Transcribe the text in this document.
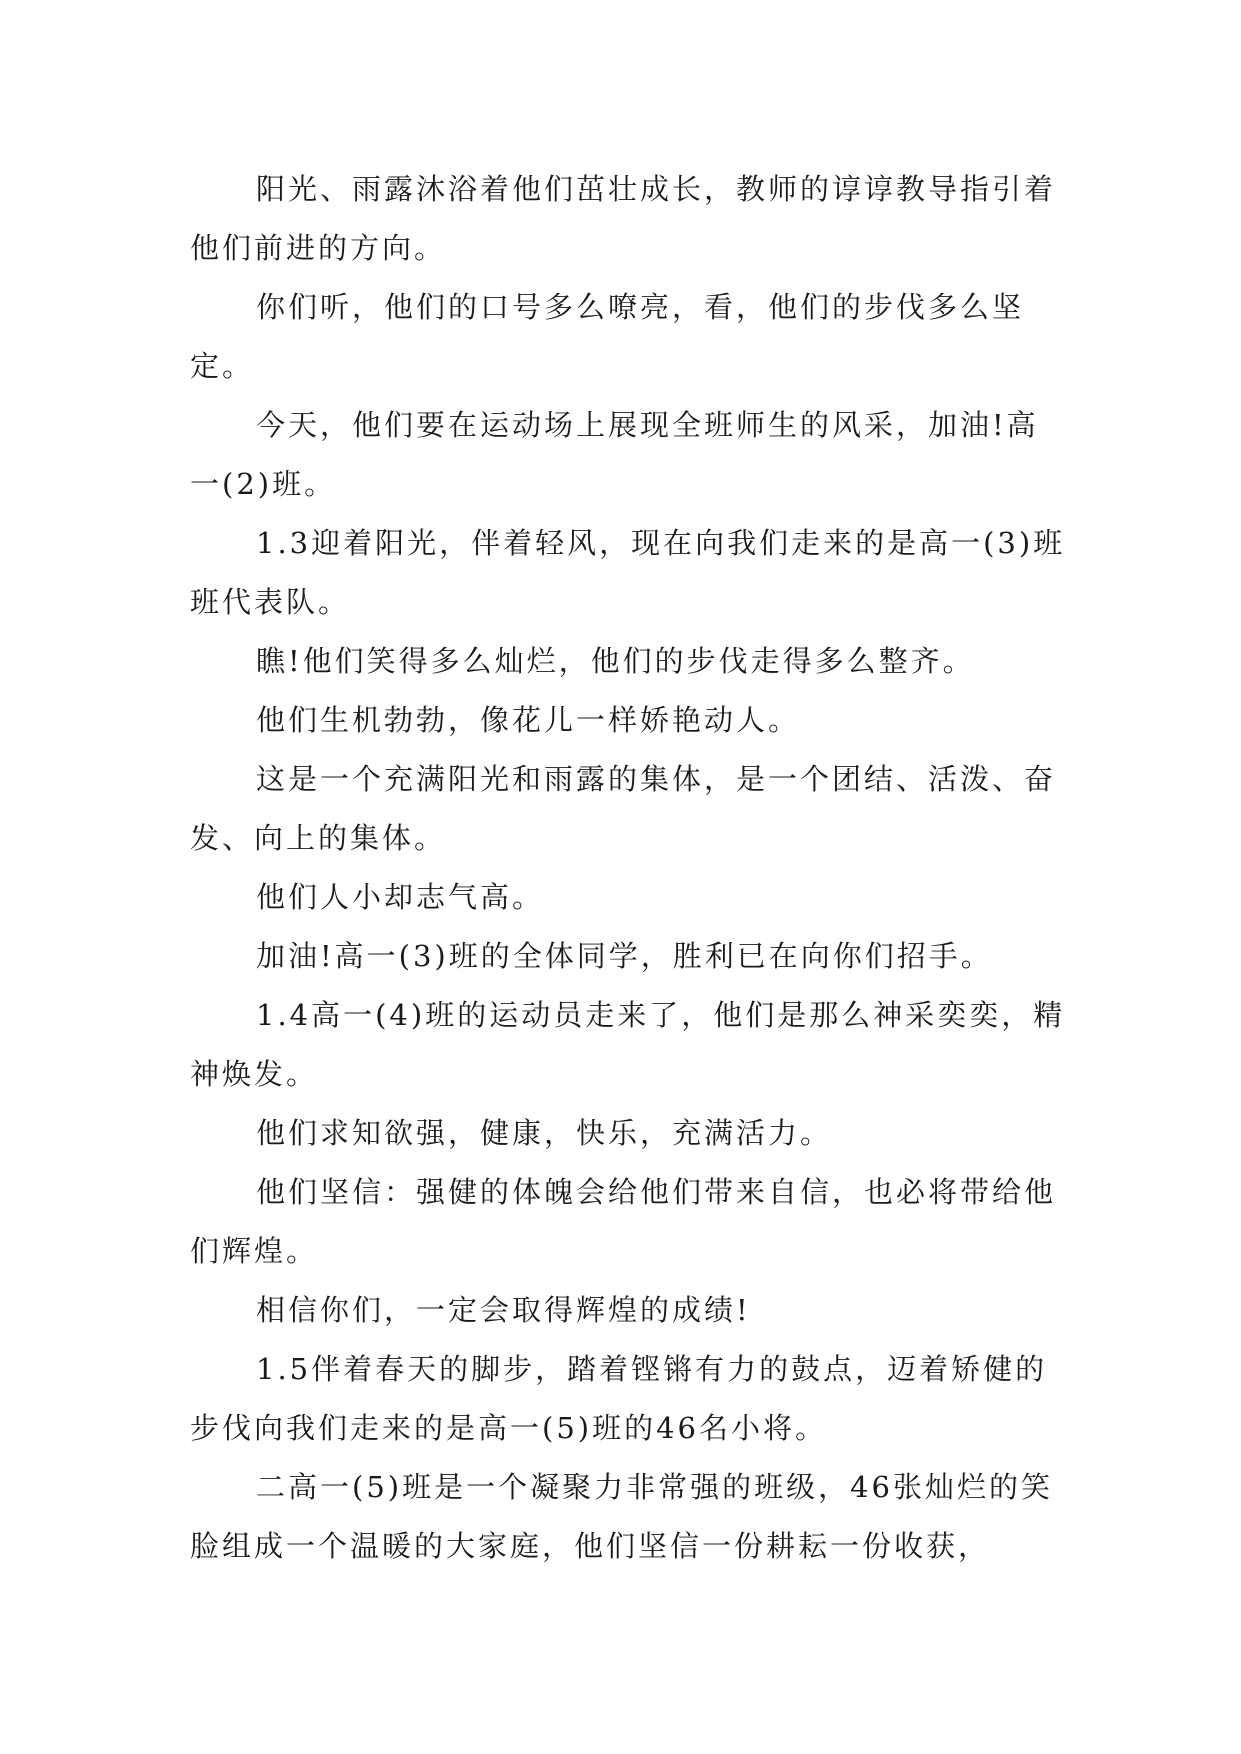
阳光、雨露沐浴着他们茁壮成长，教师的谆谆教导指引着他们前进的方向。

你们听，他们的口号多么嘹亮，看，他们的步伐多么坚定。

今天，他们要在运动场上展现全班师生的风采，加油!高一(2)班。

1.3迎着阳光，伴着轻风，现在向我们走来的是高一(3)班班代表队。

瞧!他们笑得多么灿烂，他们的步伐走得多么整齐。

他们生机勃勃，像花儿一样娇艳动人。

这是一个充满阳光和雨露的集体，是一个团结、活泼、奋发、向上的集体。

他们人小却志气高。

加油!高一(3)班的全体同学，胜利已在向你们招手。

1.4高一(4)班的运动员走来了，他们是那么神采奕奕，精神焕发。

他们求知欲强，健康，快乐，充满活力。

他们坚信：强健的体魄会给他们带来自信，也必将带给他们辉煌。

相信你们，一定会取得辉煌的成绩!

1.5伴着春天的脚步，踏着铿锵有力的鼓点，迈着矫健的步伐向我们走来的是高一(5)班的46名小将。

二高一(5)班是一个凝聚力非常强的班级，46张灿烂的笑脸组成一个温暖的大家庭，他们坚信一份耕耘一份收获，
